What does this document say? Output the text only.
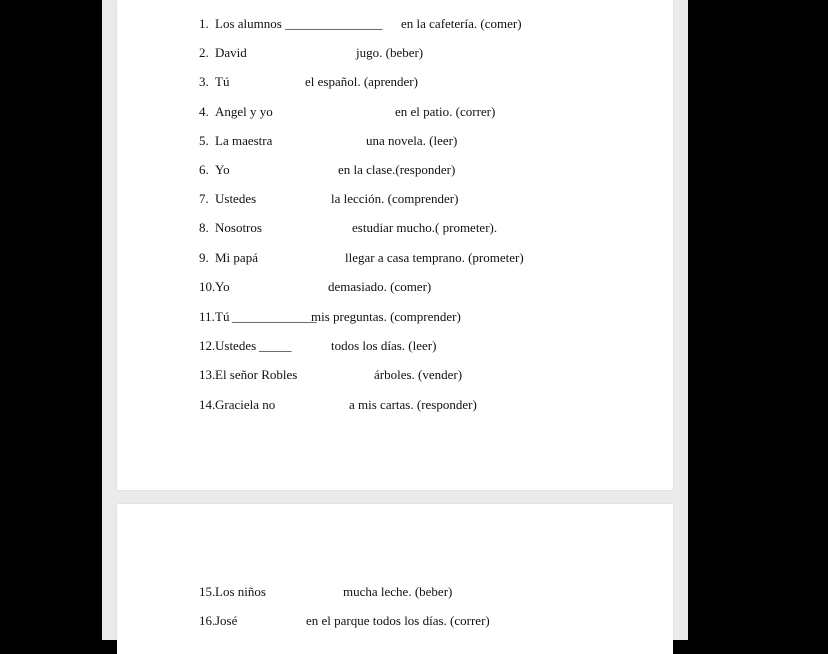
1. Los alumnos _______________ en la cafetería. (comer)
2. David	jugo. (beber)
3. Tú	el español. (aprender)
4. Angel y yo	en el patio. (correr)
5. La maestra	una novela. (leer)
6. Yo	en la clase.(responder)
7. Ustedes	la lección. (comprender)
8. Nosotros	estudiar mucho.( prometer).
9. Mi papá	llegar a casa temprano. (prometer)
10. Yo	demasiado. (comer)
11. Tú _____________
mis preguntas. (comprender)
12. Ustedes _____	todos los días. (leer)
13. El señor Robles	árboles. (vender)
14. Graciela no	a mis cartas. (responder)
15. Los niños	mucha leche. (beber)
16. José	en el parque todos los días. (correr)
